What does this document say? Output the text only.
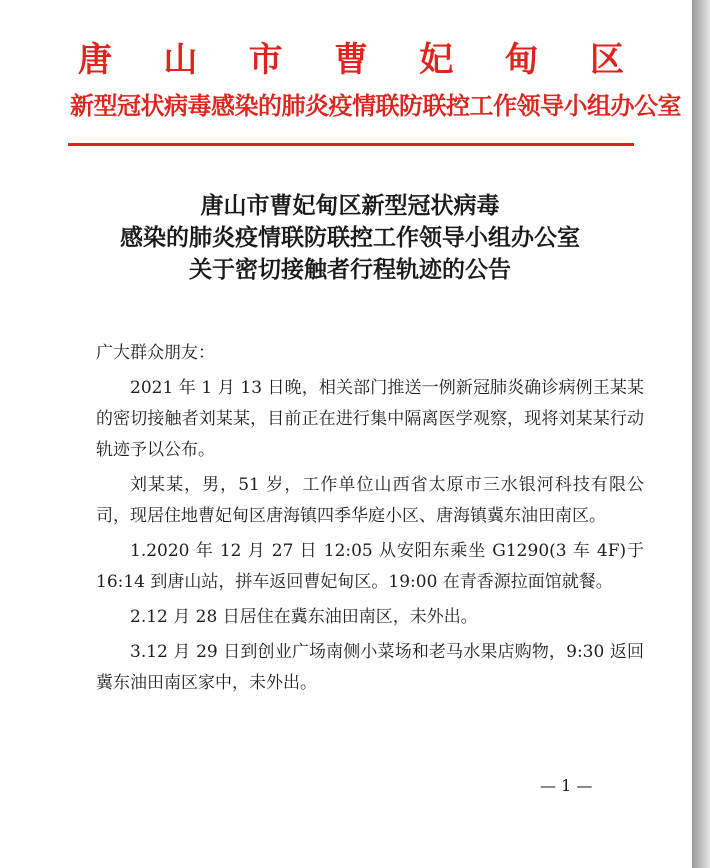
唐 山 市 曹 妃 甸 区
新型冠状病毒感染的肺炎疫情联防联控工作领导小组办公室
唐山市曹妃甸区新型冠状病毒
感染的肺炎疫情联防联控工作领导小组办公室
关于密切接触者行程轨迹的公告

广大群众朋友：

2021 年 1 月 13 日晚，相关部门推送一例新冠肺炎确诊病例王某某的密切接触者刘某某，目前正在进行集中隔离医学观察，现将刘某某行动轨迹予以公布。

刘某某，男，51 岁，工作单位山西省太原市三水银河科技有限公司，现居住地曹妃甸区唐海镇四季华庭小区、唐海镇冀东油田南区。

1.2020 年 12 月 27 日 12:05 从安阳东乘坐 G1290(3 车 4F)于 16:14 到唐山站，拼车返回曹妃甸区。19:00 在青香源拉面馆就餐。

2.12 月 28 日居住在冀东油田南区，未外出。

3.12 月 29 日到创业广场南侧小菜场和老马水果店购物，9:30 返回冀东油田南区家中，未外出。

— 1 —
